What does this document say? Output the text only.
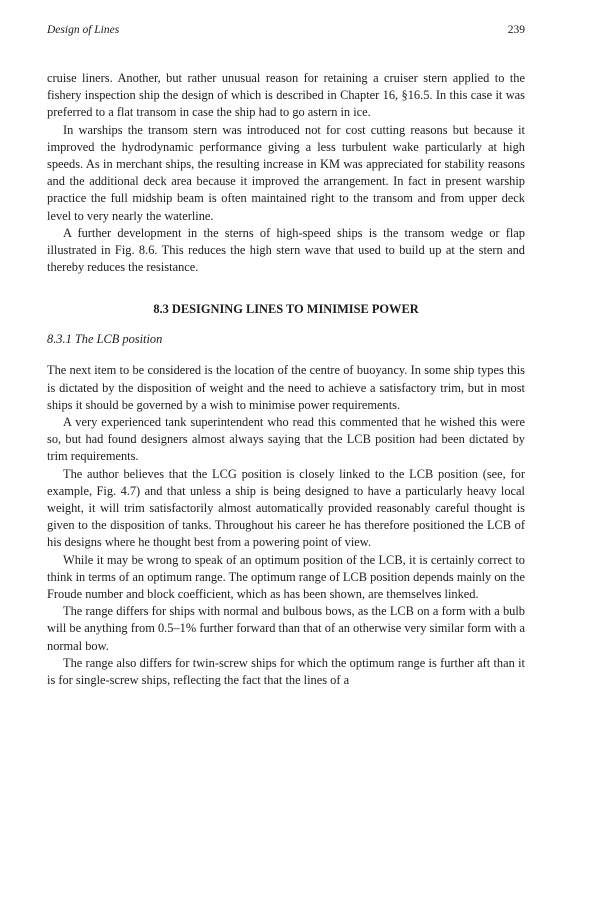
Design of Lines	239

cruise liners. Another, but rather unusual reason for retaining a cruiser stern applied to the fishery inspection ship the design of which is described in Chapter 16, §16.5. In this case it was preferred to a flat transom in case the ship had to go astern in ice.

In warships the transom stern was introduced not for cost cutting reasons but because it improved the hydrodynamic performance giving a less turbulent wake particularly at high speeds. As in merchant ships, the resulting increase in KM was appreciated for stability reasons and the additional deck area because it improved the arrangement. In fact in present warship practice the full midship beam is often maintained right to the transom and from upper deck level to very nearly the waterline.

A further development in the sterns of high-speed ships is the transom wedge or flap illustrated in Fig. 8.6. This reduces the high stern wave that used to build up at the stern and thereby reduces the resistance.

8.3 DESIGNING LINES TO MINIMISE POWER
8.3.1 The LCB position

The next item to be considered is the location of the centre of buoyancy. In some ship types this is dictated by the disposition of weight and the need to achieve a satisfactory trim, but in most ships it should be governed by a wish to minimise power requirements.

A very experienced tank superintendent who read this commented that he wished this were so, but had found designers almost always saying that the LCB position had been dictated by trim requirements.

The author believes that the LCG position is closely linked to the LCB position (see, for example, Fig. 4.7) and that unless a ship is being designed to have a particularly heavy local weight, it will trim satisfactorily almost automatically provided reasonably careful thought is given to the disposition of tanks. Throughout his career he has therefore positioned the LCB of his designs where he thought best from a powering point of view.

While it may be wrong to speak of an optimum position of the LCB, it is certainly correct to think in terms of an optimum range. The optimum range of LCB position depends mainly on the Froude number and block coefficient, which as has been shown, are themselves linked.

The range differs for ships with normal and bulbous bows, as the LCB on a form with a bulb will be anything from 0.5–1% further forward than that of an otherwise very similar form with a normal bow.

The range also differs for twin-screw ships for which the optimum range is further aft than it is for single-screw ships, reflecting the fact that the lines of a
